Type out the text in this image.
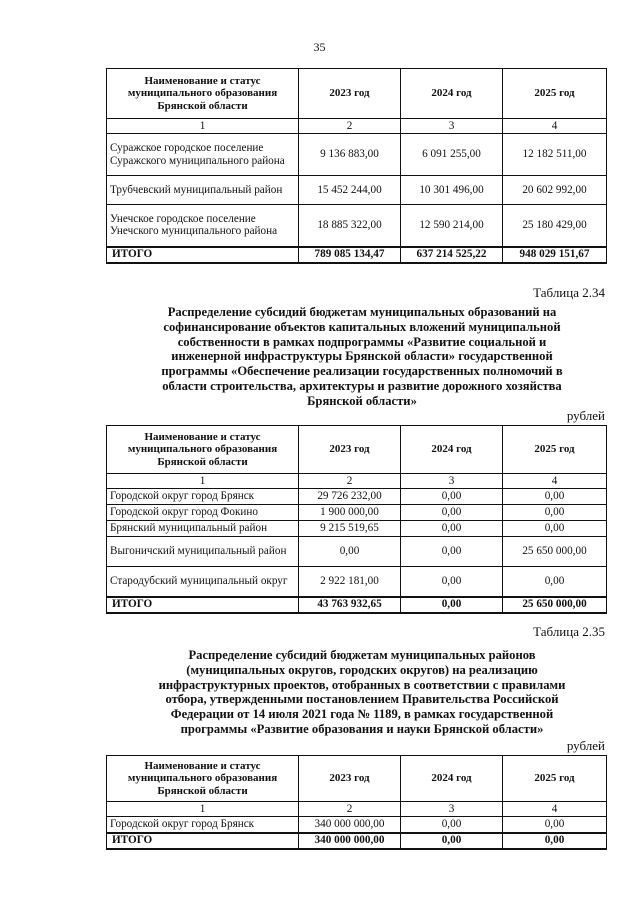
35
Наименование и статус муниципального образования Брянской области	2023 год	2024 год	2025 год
1	2	3	4
Суражское городское поселение Суражского муниципального района	9 136 883,00	6 091 255,00	12 182 511,00
Трубчевский муниципальный район	15 452 244,00	10 301 496,00	20 602 992,00
Унечское городское поселение Унечского муниципального района	18 885 322,00	12 590 214,00	25 180 429,00
ИТОГО	789 085 134,47	637 214 525,22	948 029 151,67
Таблица 2.34
Распределение субсидий бюджетам муниципальных образований на
софинансирование объектов капитальных вложений муниципальной
собственности в рамках подпрограммы «Развитие социальной и
инженерной инфраструктуры Брянской области» государственной
программы «Обеспечение реализации государственных полномочий в
области строительства, архитектуры и развитие дорожного хозяйства
Брянской области»
рублей
Наименование и статус муниципального образования Брянской области	2023 год	2024 год	2025 год
1	2	3	4
Городской округ город Брянск	29 726 232,00	0,00	0,00
Городской округ город Фокино	1 900 000,00	0,00	0,00
Брянский муниципальный район	9 215 519,65	0,00	0,00
Выгоничский муниципальный район	0,00	0,00	25 650 000,00
Стародубский муниципальный округ	2 922 181,00	0,00	0,00
ИТОГО	43 763 932,65	0,00	25 650 000,00
Таблица 2.35
Распределение субсидий бюджетам муниципальных районов
(муниципальных округов, городских округов) на реализацию
инфраструктурных проектов, отобранных в соответствии с правилами
отбора, утвержденными постановлением Правительства Российской
Федерации от 14 июля 2021 года № 1189, в рамках государственной
программы «Развитие образования и науки Брянской области»
рублей
Наименование и статус муниципального образования Брянской области	2023 год	2024 год	2025 год
1	2	3	4
Городской округ город Брянск	340 000 000,00	0,00	0,00
ИТОГО	340 000 000,00	0,00	0,00
